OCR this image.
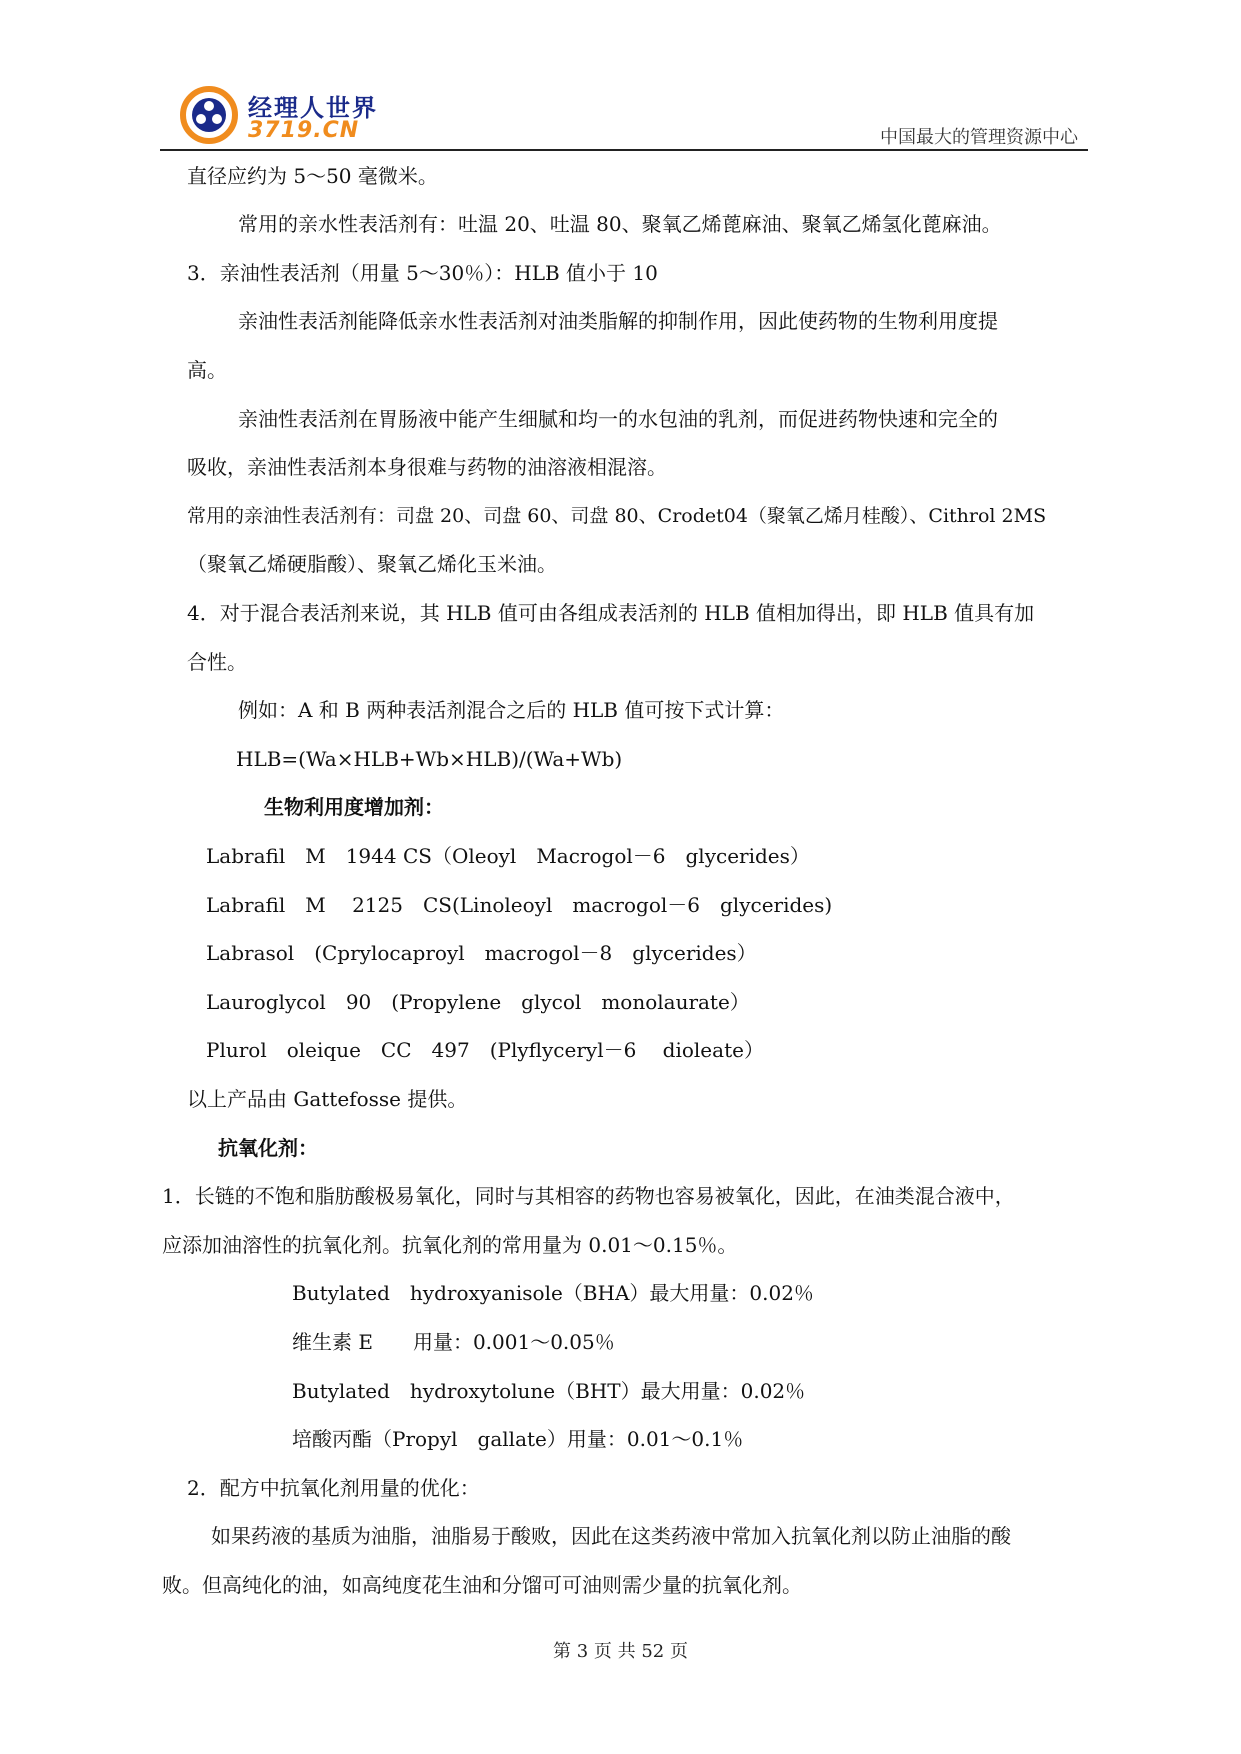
经理人世界
3719.CN	中国最大的管理资源中心
直径应约为 5～50 毫微米。
常用的亲水性表活剂有：吐温 20、吐温 80、聚氧乙烯蓖麻油、聚氧乙烯氢化蓖麻油。
3．亲油性表活剂（用量 5～30％）：HLB 值小于 10
亲油性表活剂能降低亲水性表活剂对油类脂解的抑制作用，因此使药物的生物利用度提
高。
亲油性表活剂在胃肠液中能产生细腻和均一的水包油的乳剂，而促进药物快速和完全的
吸收，亲油性表活剂本身很难与药物的油溶液相混溶。
常用的亲油性表活剂有：司盘 20、司盘 60、司盘 80、Crodet04（聚氧乙烯月桂酸）、Cithrol 2MS
（聚氧乙烯硬脂酸）、聚氧乙烯化玉米油。
4．对于混合表活剂来说，其 HLB 值可由各组成表活剂的 HLB 值相加得出，即 HLB 值具有加
合性。
例如：A 和 B 两种表活剂混合之后的 HLB 值可按下式计算：
HLB=(Wa×HLB+Wb×HLB)/(Wa+Wb)
生物利用度增加剂：
Labrafil　M　1944 CS（Oleoyl　Macrogol－6　glycerides）
Labrafil　M　 2125　CS(Linoleoyl　macrogol－6　glycerides)
Labrasol　(Cprylocaproyl　macrogol－8　glycerides）
Lauroglycol　90　(Propylene　glycol　monolaurate）
Plurol　oleique　CC　497　(Plyflyceryl－6　 dioleate）
以上产品由 Gattefosse 提供。
抗氧化剂：
1．长链的不饱和脂肪酸极易氧化，同时与其相容的药物也容易被氧化，因此，在油类混合液中，
应添加油溶性的抗氧化剂。抗氧化剂的常用量为 0.01～0.15％。
Butylated　hydroxyanisole（BHA）最大用量：0.02％
维生素 E　　用量：0.001～0.05％
Butylated　hydroxytolune（BHT）最大用量：0.02％
培酸丙酯（Propyl　gallate）用量：0.01～0.1％
2．配方中抗氧化剂用量的优化：
如果药液的基质为油脂，油脂易于酸败，因此在这类药液中常加入抗氧化剂以防止油脂的酸
败。但高纯化的油，如高纯度花生油和分馏可可油则需少量的抗氧化剂。
第 3 页 共 52 页
